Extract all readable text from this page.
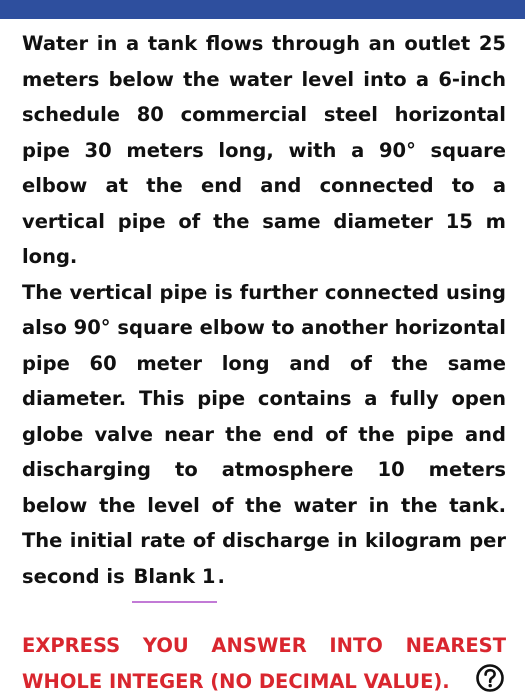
Water in a tank flows through an outlet 25 meters below the water level into a 6-inch schedule 80 commercial steel horizontal pipe 30 meters long, with a 90° square elbow at the end and connected to a vertical pipe of the same diameter 15 m long.

The vertical pipe is further connected using also 90° square elbow to another horizontal pipe 60 meter long and of the same diameter. This pipe contains a fully open globe valve near the end of the pipe and discharging to atmosphere 10 meters below the level of the water in the tank. The initial rate of discharge in kilogram per second is Blank 1 .

EXPRESS YOU ANSWER INTO NEAREST WHOLE INTEGER (NO DECIMAL VALUE).
